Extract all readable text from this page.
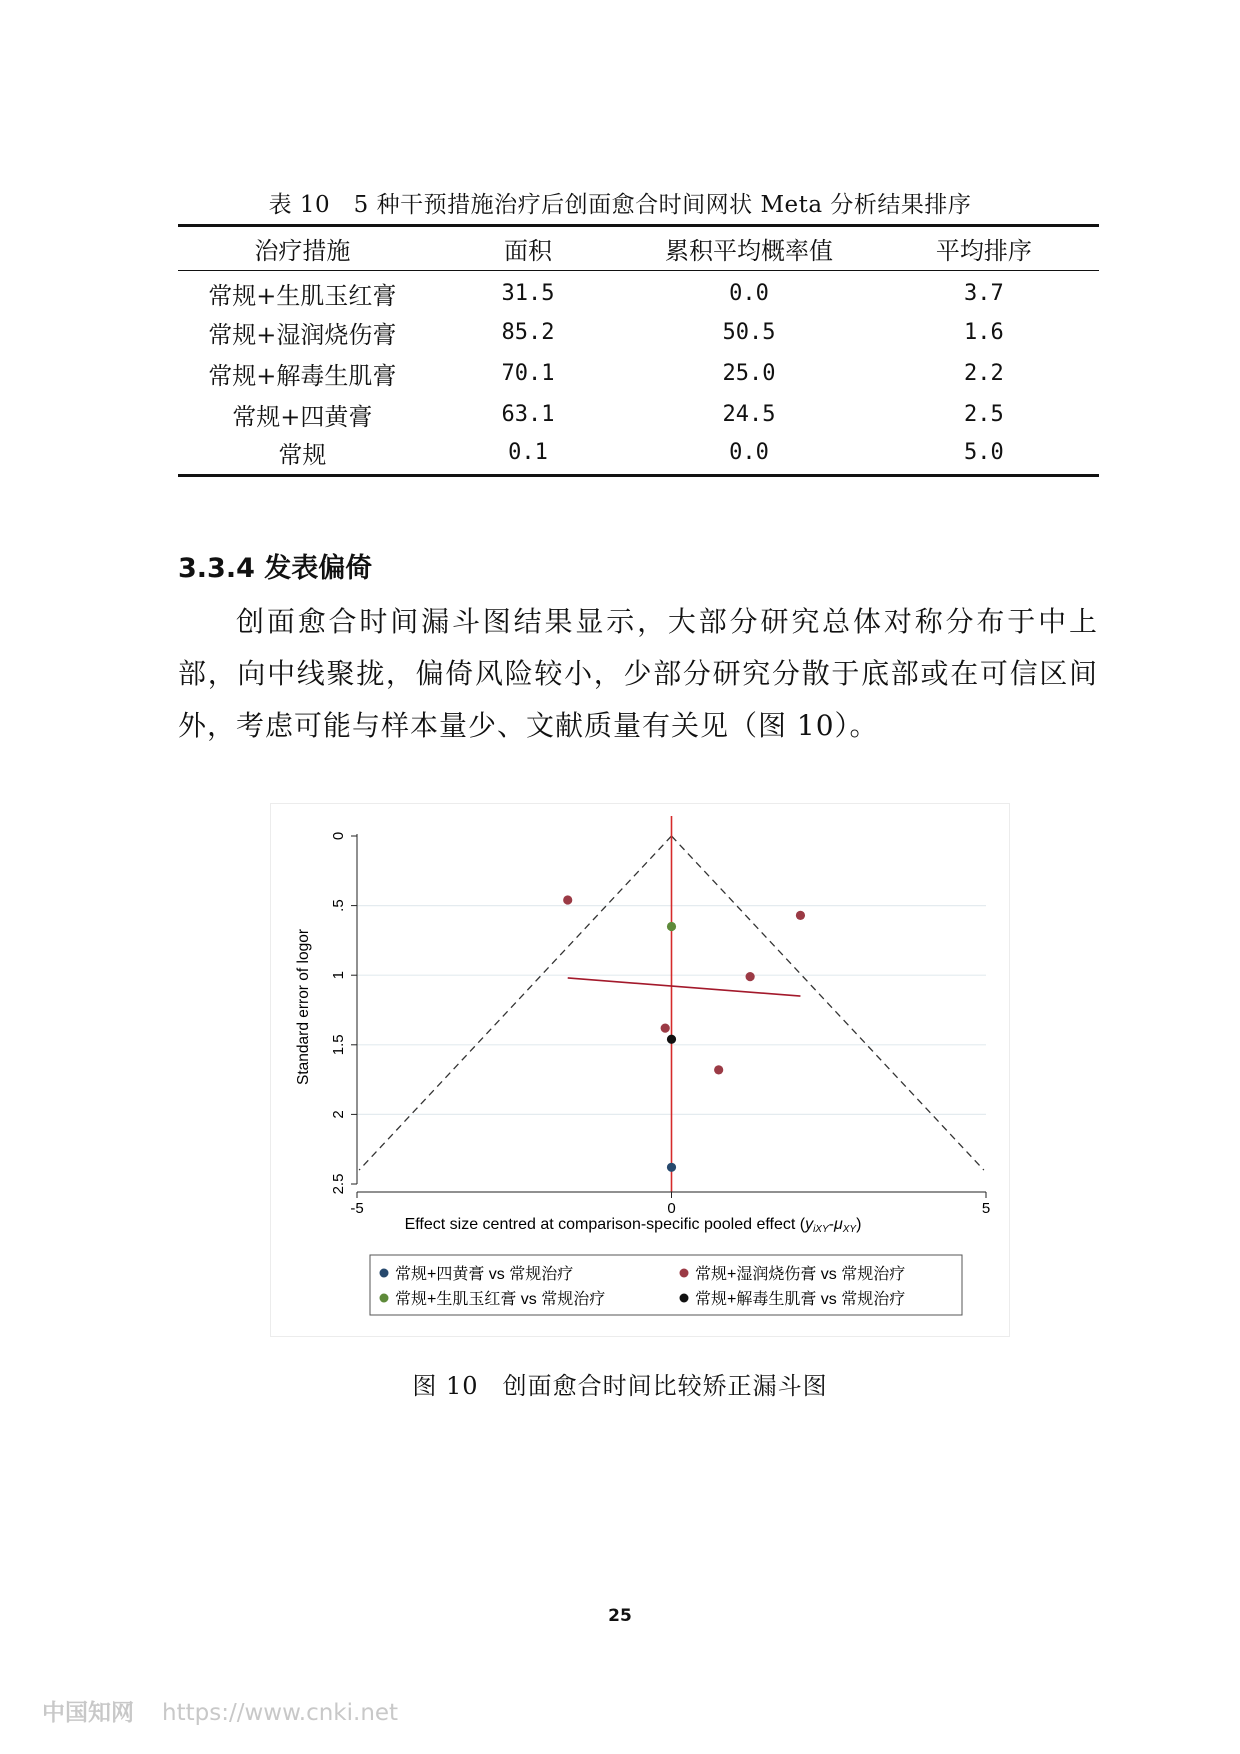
表 10　5 种干预措施治疗后创面愈合时间网状 Meta 分析结果排序
治疗措施	面积	累积平均概率值	平均排序
常规+生肌玉红膏	31.5	0.0	3.7
常规+湿润烧伤膏	85.2	50.5	1.6
常规+解毒生肌膏	70.1	25.0	2.2
常规+四黄膏	63.1	24.5	2.5
常规	0.1	0.0	5.0
3.3.4 发表偏倚
创面愈合时间漏斗图结果显示，大部分研究总体对称分布于中上部，向中线聚拢，偏倚风险较小，少部分研究分散于底部或在可信区间外，考虑可能与样本量少、文献质量有关见（图 10）。
0
.5
1
1.5
2
2.5
-5	0	5
Standard error of logor
Effect size centred at comparison-specific pooled effect (yiXY-μXY)
常规+四黄膏 vs 常规治疗	常规+湿润烧伤膏 vs 常规治疗
常规+生肌玉红膏 vs 常规治疗	常规+解毒生肌膏 vs 常规治疗
图 10 创面愈合时间比较矫正漏斗图
25
中国知网 https://www.cnki.net
